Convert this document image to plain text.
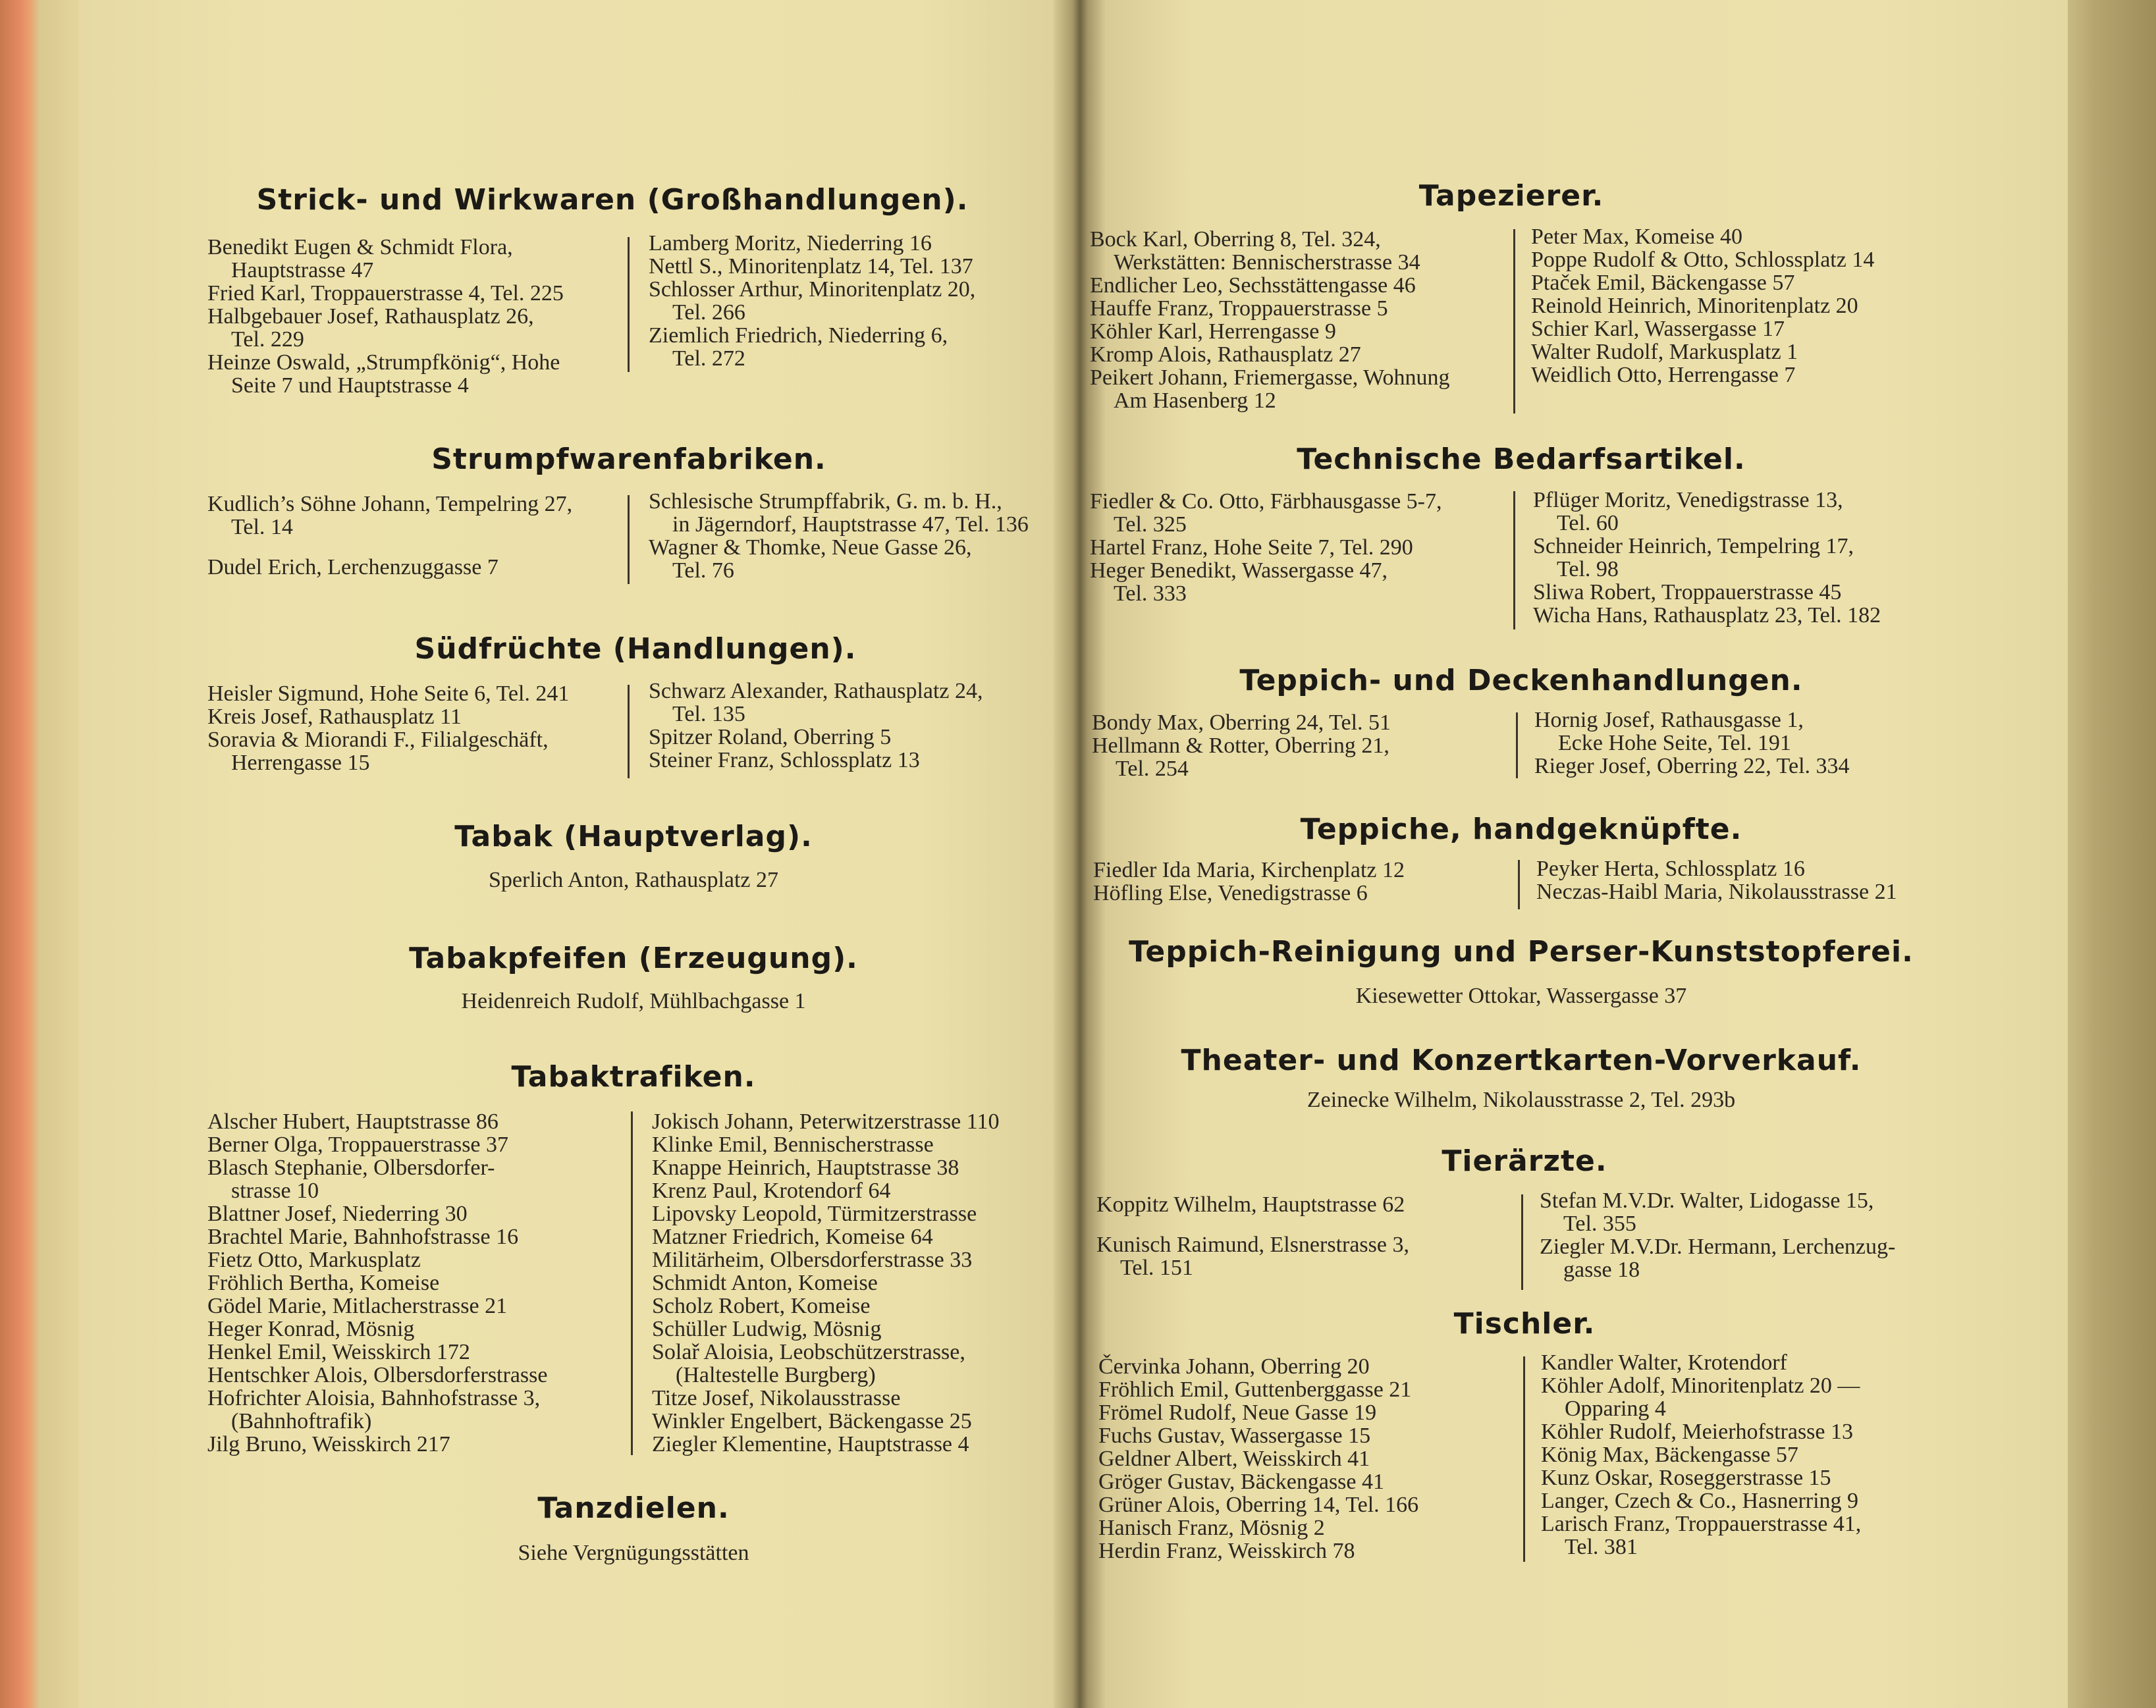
Strick- und Wirkwaren (Großhandlungen).
Benedikt Eugen & Schmidt Flora,
Hauptstrasse 47
Fried Karl, Troppauerstrasse 4, Tel. 225
Halbgebauer Josef, Rathausplatz 26,
Tel. 229
Heinze Oswald, „Strumpfkönig“, Hohe
Seite 7 und Hauptstrasse 4
Lamberg Moritz, Niederring 16
Nettl S., Minoritenplatz 14, Tel. 137
Schlosser Arthur, Minoritenplatz 20,
Tel. 266
Ziemlich Friedrich, Niederring 6,
Tel. 272
Strumpfwarenfabriken.
Kudlich’s Söhne Johann, Tempelring 27,
Tel. 14
Dudel Erich, Lerchenzuggasse 7
Schlesische Strumpffabrik, G. m. b. H.,
in Jägerndorf, Hauptstrasse 47, Tel. 136
Wagner & Thomke, Neue Gasse 26,
Tel. 76
Südfrüchte (Handlungen).
Heisler Sigmund, Hohe Seite 6, Tel. 241
Kreis Josef, Rathausplatz 11
Soravia & Miorandi F., Filialgeschäft,
Herrengasse 15
Schwarz Alexander, Rathausplatz 24,
Tel. 135
Spitzer Roland, Oberring 5
Steiner Franz, Schlossplatz 13
Tabak (Hauptverlag).
Sperlich Anton, Rathausplatz 27
Tabakpfeifen (Erzeugung).
Heidenreich Rudolf, Mühlbachgasse 1
Tabaktrafiken.
Alscher Hubert, Hauptstrasse 86
Berner Olga, Troppauerstrasse 37
Blasch Stephanie, Olbersdorfer-
strasse 10
Blattner Josef, Niederring 30
Brachtel Marie, Bahnhofstrasse 16
Fietz Otto, Markusplatz
Fröhlich Bertha, Komeise
Gödel Marie, Mitlacherstrasse 21
Heger Konrad, Mösnig
Henkel Emil, Weisskirch 172
Hentschker Alois, Olbersdorferstrasse
Hofrichter Aloisia, Bahnhofstrasse 3,
(Bahnhoftrafik)
Jilg Bruno, Weisskirch 217
Jokisch Johann, Peterwitzerstrasse 110
Klinke Emil, Bennischerstrasse
Knappe Heinrich, Hauptstrasse 38
Krenz Paul, Krotendorf 64
Lipovsky Leopold, Türmitzerstrasse
Matzner Friedrich, Komeise 64
Militärheim, Olbersdorferstrasse 33
Schmidt Anton, Komeise
Scholz Robert, Komeise
Schüller Ludwig, Mösnig
Solař Aloisia, Leobschützerstrasse,
(Haltestelle Burgberg)
Titze Josef, Nikolausstrasse
Winkler Engelbert, Bäckengasse 25
Ziegler Klementine, Hauptstrasse 4
Tanzdielen.
Siehe Vergnügungsstätten
Tapezierer.
Bock Karl, Oberring 8, Tel. 324,
Werkstätten: Bennischerstrasse 34
Endlicher Leo, Sechsstättengasse 46
Hauffe Franz, Troppauerstrasse 5
Köhler Karl, Herrengasse 9
Kromp Alois, Rathausplatz 27
Peikert Johann, Friemergasse, Wohnung
Am Hasenberg 12
Peter Max, Komeise 40
Poppe Rudolf & Otto, Schlossplatz 14
Ptaček Emil, Bäckengasse 57
Reinold Heinrich, Minoritenplatz 20
Schier Karl, Wassergasse 17
Walter Rudolf, Markusplatz 1
Weidlich Otto, Herrengasse 7
Technische Bedarfsartikel.
Fiedler & Co. Otto, Färbhausgasse 5-7,
Tel. 325
Hartel Franz, Hohe Seite 7, Tel. 290
Heger Benedikt, Wassergasse 47,
Tel. 333
Pflüger Moritz, Venedigstrasse 13,
Tel. 60
Schneider Heinrich, Tempelring 17,
Tel. 98
Sliwa Robert, Troppauerstrasse 45
Wicha Hans, Rathausplatz 23, Tel. 182
Teppich- und Deckenhandlungen.
Bondy Max, Oberring 24, Tel. 51
Hellmann & Rotter, Oberring 21,
Tel. 254
Hornig Josef, Rathausgasse 1,
Ecke Hohe Seite, Tel. 191
Rieger Josef, Oberring 22, Tel. 334
Teppiche, handgeknüpfte.
Fiedler Ida Maria, Kirchenplatz 12
Höfling Else, Venedigstrasse 6
Peyker Herta, Schlossplatz 16
Neczas-Haibl Maria, Nikolausstrasse 21
Teppich-Reinigung und Perser-Kunststopferei.
Kiesewetter Ottokar, Wassergasse 37
Theater- und Konzertkarten-Vorverkauf.
Zeinecke Wilhelm, Nikolausstrasse 2, Tel. 293b
Tierärzte.
Koppitz Wilhelm, Hauptstrasse 62
Kunisch Raimund, Elsnerstrasse 3,
Tel. 151
Stefan M.V.Dr. Walter, Lidogasse 15,
Tel. 355
Ziegler M.V.Dr. Hermann, Lerchenzug-
gasse 18
Tischler.
Červinka Johann, Oberring 20
Fröhlich Emil, Guttenberggasse 21
Frömel Rudolf, Neue Gasse 19
Fuchs Gustav, Wassergasse 15
Geldner Albert, Weisskirch 41
Gröger Gustav, Bäckengasse 41
Grüner Alois, Oberring 14, Tel. 166
Hanisch Franz, Mösnig 2
Herdin Franz, Weisskirch 78
Kandler Walter, Krotendorf
Köhler Adolf, Minoritenplatz 20 —
Opparing 4
Köhler Rudolf, Meierhofstrasse 13
König Max, Bäckengasse 57
Kunz Oskar, Roseggerstrasse 15
Langer, Czech & Co., Hasnerring 9
Larisch Franz, Troppauerstrasse 41,
Tel. 381
